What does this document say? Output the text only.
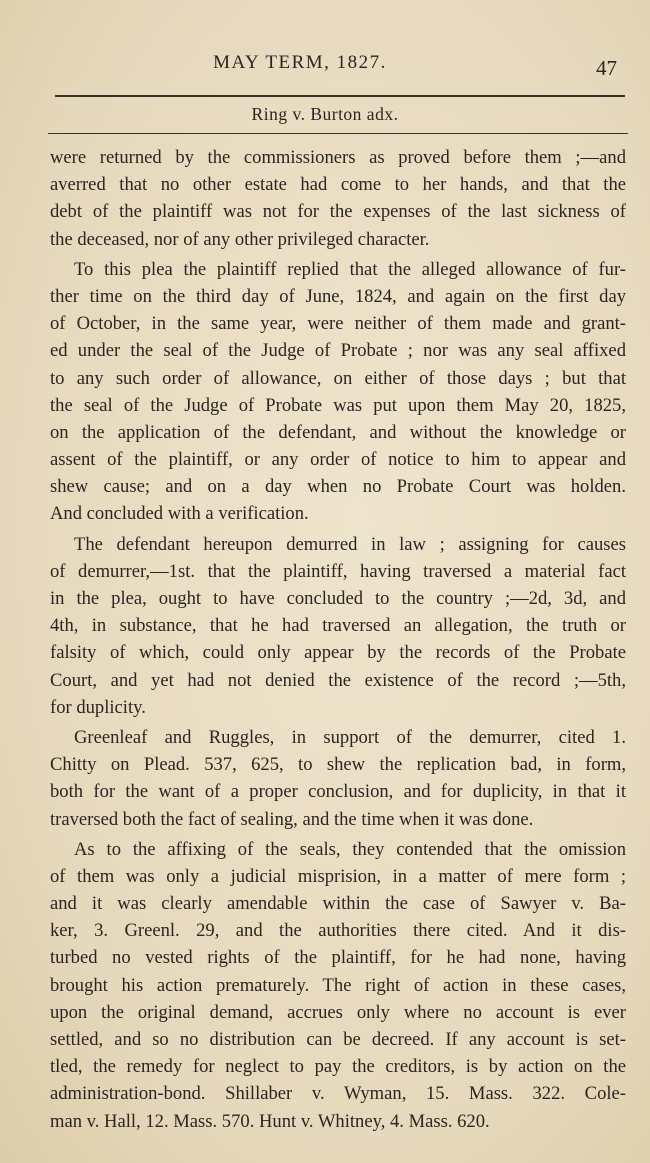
MAY TERM, 1827.	47
Ring v. Burton adx.
were returned by the commissioners as proved before them ;—and
averred that no other estate had come to her hands, and that the
debt of the plaintiff was not for the expenses of the last sickness of
the deceased, nor of any other privileged character.
To this plea the plaintiff replied that the alleged allowance of fur-
ther time on the third day of June, 1824, and again on the first day
of October, in the same year, were neither of them made and grant-
ed under the seal of the Judge of Probate ; nor was any seal affixed
to any such order of allowance, on either of those days ; but that
the seal of the Judge of Probate was put upon them May 20, 1825,
on the application of the defendant, and without the knowledge or
assent of the plaintiff, or any order of notice to him to appear and
shew cause; and on a day when no Probate Court was holden.
And concluded with a verification.
The defendant hereupon demurred in law ; assigning for causes
of demurrer,—1st. that the plaintiff, having traversed a material fact
in the plea, ought to have concluded to the country ;—2d, 3d, and
4th, in substance, that he had traversed an allegation, the truth or
falsity of which, could only appear by the records of the Probate
Court, and yet had not denied the existence of the record ;—5th,
for duplicity.
Greenleaf and Ruggles, in support of the demurrer, cited 1.
Chitty on Plead. 537, 625, to shew the replication bad, in form,
both for the want of a proper conclusion, and for duplicity, in that it
traversed both the fact of sealing, and the time when it was done.
As to the affixing of the seals, they contended that the omission
of them was only a judicial misprision, in a matter of mere form ;
and it was clearly amendable within the case of Sawyer v. Ba-
ker, 3. Greenl. 29, and the authorities there cited. And it dis-
turbed no vested rights of the plaintiff, for he had none, having
brought his action prematurely. The right of action in these cases,
upon the original demand, accrues only where no account is ever
settled, and so no distribution can be decreed. If any account is set-
tled, the remedy for neglect to pay the creditors, is by action on the
administration-bond. Shillaber v. Wyman, 15. Mass. 322. Cole-
man v. Hall, 12. Mass. 570. Hunt v. Whitney, 4. Mass. 620.
